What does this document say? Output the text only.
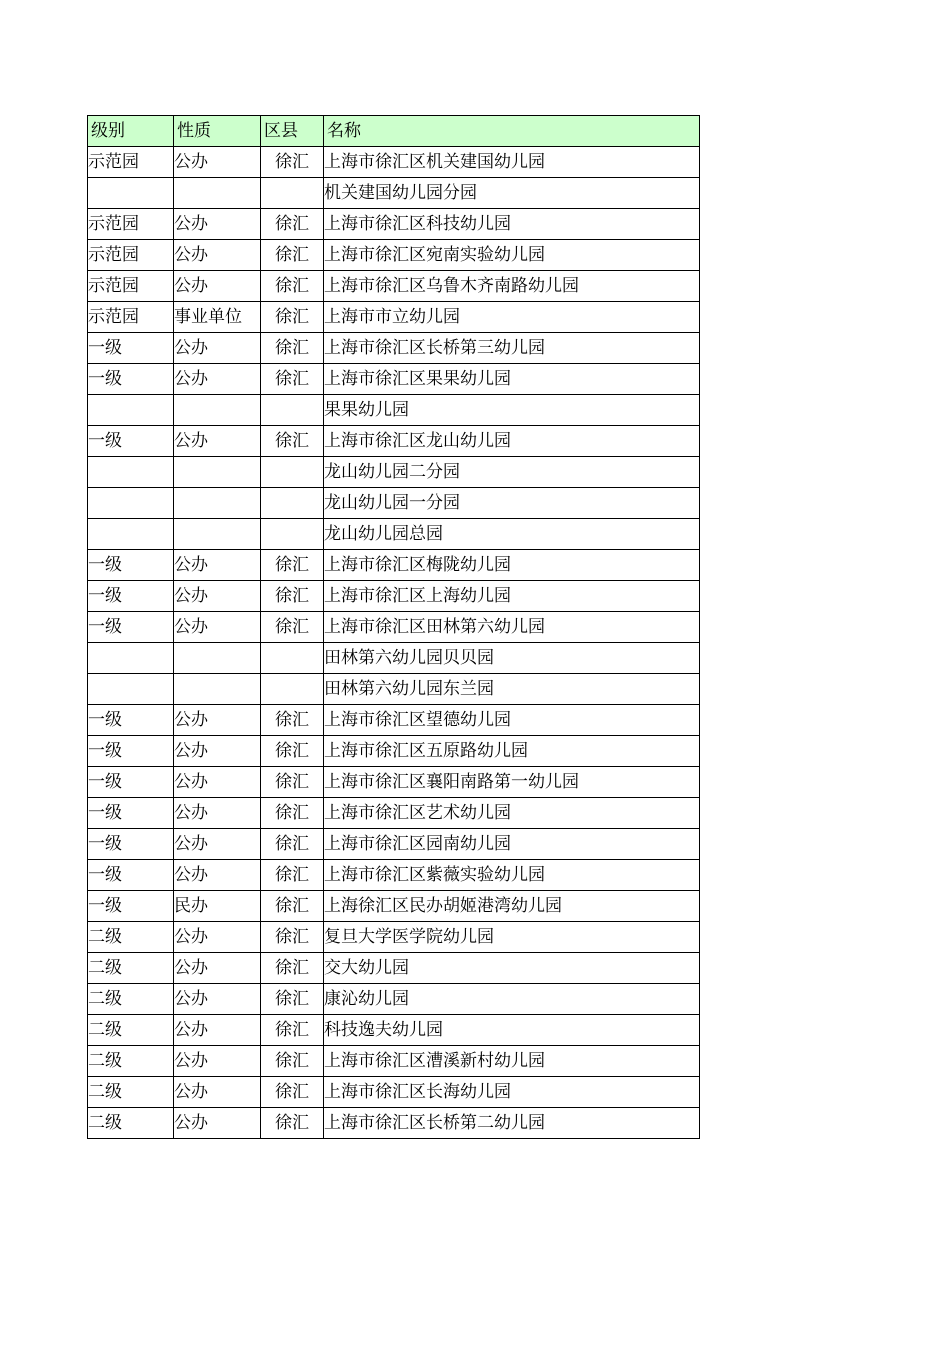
级别	性质	区县	名称
示范园	公办	徐汇	上海市徐汇区机关建国幼儿园
			机关建国幼儿园分园
示范园	公办	徐汇	上海市徐汇区科技幼儿园
示范园	公办	徐汇	上海市徐汇区宛南实验幼儿园
示范园	公办	徐汇	上海市徐汇区乌鲁木齐南路幼儿园
示范园	事业单位	徐汇	上海市市立幼儿园
一级	公办	徐汇	上海市徐汇区长桥第三幼儿园
一级	公办	徐汇	上海市徐汇区果果幼儿园
			果果幼儿园
一级	公办	徐汇	上海市徐汇区龙山幼儿园
			龙山幼儿园二分园
			龙山幼儿园一分园
			龙山幼儿园总园
一级	公办	徐汇	上海市徐汇区梅陇幼儿园
一级	公办	徐汇	上海市徐汇区上海幼儿园
一级	公办	徐汇	上海市徐汇区田林第六幼儿园
			田林第六幼儿园贝贝园
			田林第六幼儿园东兰园
一级	公办	徐汇	上海市徐汇区望德幼儿园
一级	公办	徐汇	上海市徐汇区五原路幼儿园
一级	公办	徐汇	上海市徐汇区襄阳南路第一幼儿园
一级	公办	徐汇	上海市徐汇区艺术幼儿园
一级	公办	徐汇	上海市徐汇区园南幼儿园
一级	公办	徐汇	上海市徐汇区紫薇实验幼儿园
一级	民办	徐汇	上海徐汇区民办胡姬港湾幼儿园
二级	公办	徐汇	复旦大学医学院幼儿园
二级	公办	徐汇	交大幼儿园
二级	公办	徐汇	康沁幼儿园
二级	公办	徐汇	科技逸夫幼儿园
二级	公办	徐汇	上海市徐汇区漕溪新村幼儿园
二级	公办	徐汇	上海市徐汇区长海幼儿园
二级	公办	徐汇	上海市徐汇区长桥第二幼儿园
